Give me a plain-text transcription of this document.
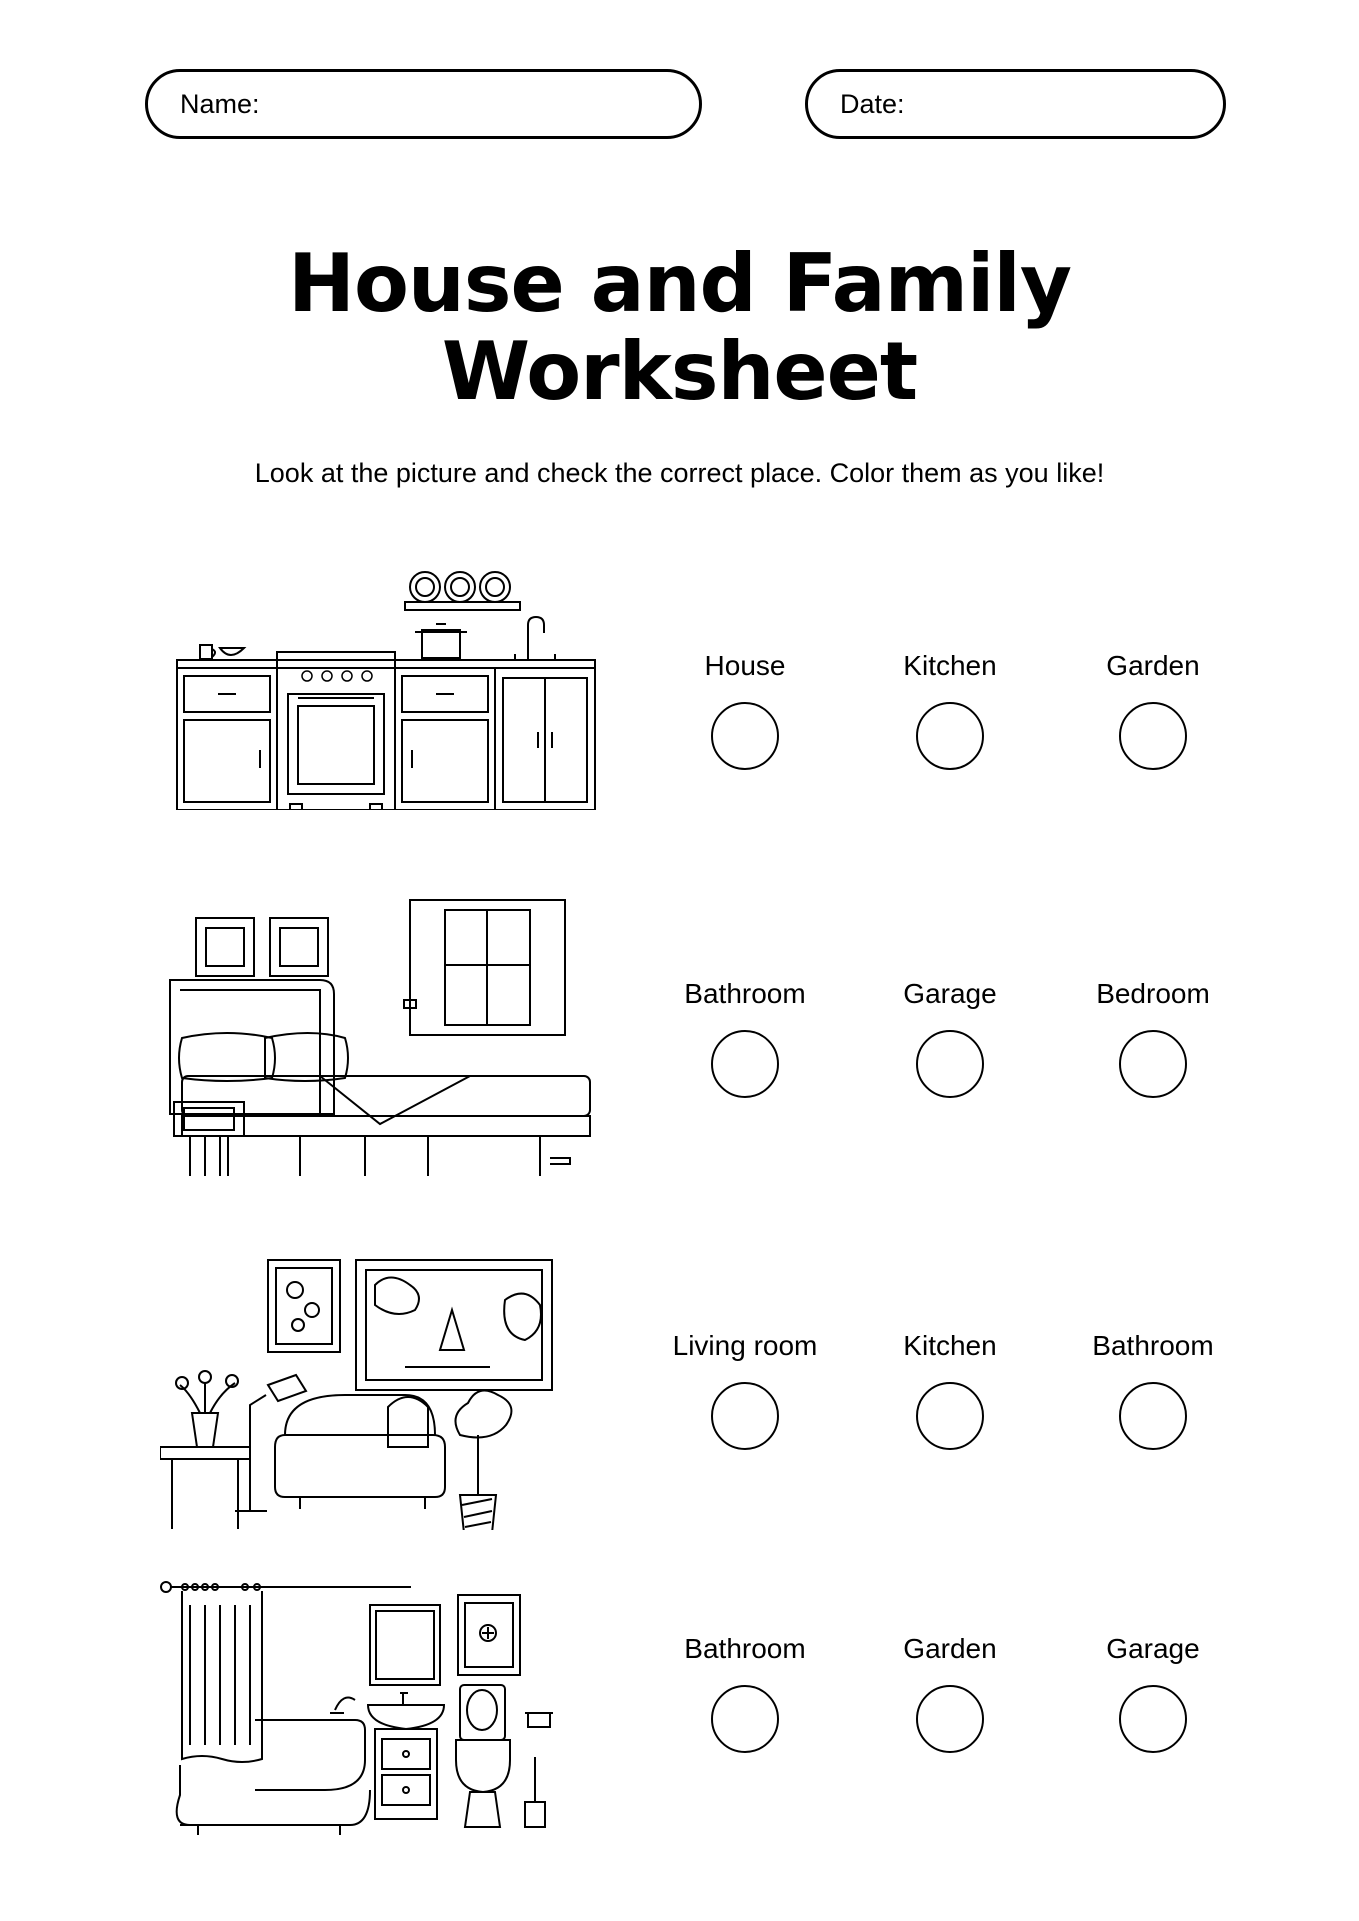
Name:	Date:
House and Family
Worksheet

Look at the picture and check the correct place. Color them as you like!

House	Kitchen	Garden
Bathroom	Garage	Bedroom
Living room	Kitchen	Bathroom
Bathroom	Garden	Garage
